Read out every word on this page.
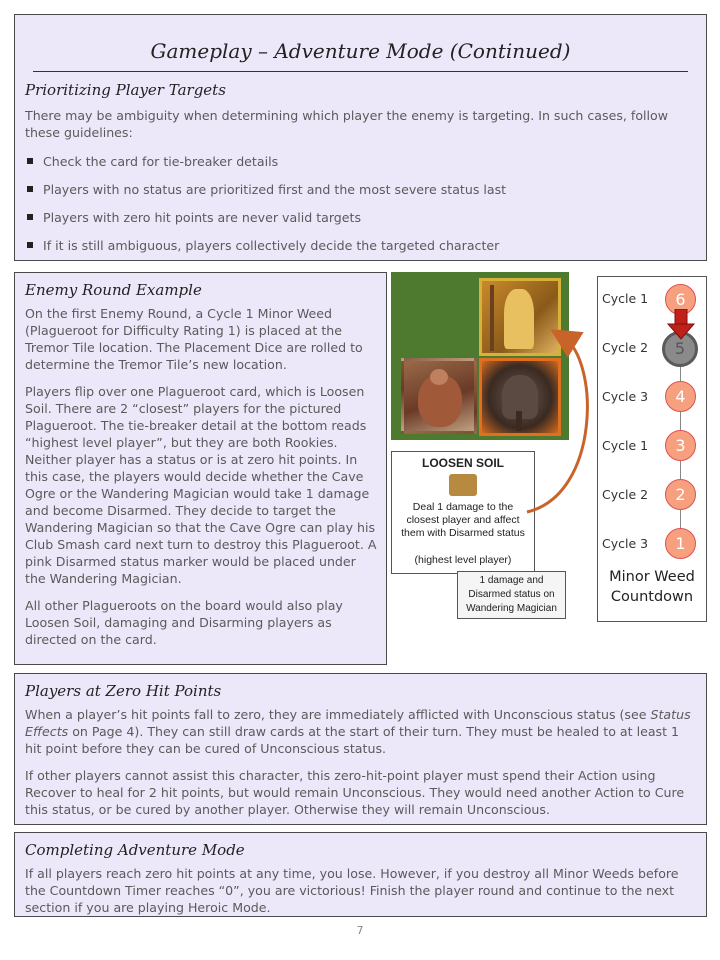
Gameplay – Adventure Mode (Continued)
Prioritizing Player Targets
There may be ambiguity when determining which player the enemy is targeting. In such cases, follow these guidelines:
Check the card for tie-breaker details
Players with no status are prioritized first and the most severe status last
Players with zero hit points are never valid targets
If it is still ambiguous, players collectively decide the targeted character
Enemy Round Example

On the first Enemy Round, a Cycle 1 Minor Weed (Plagueroot for Difficulty Rating 1) is placed at the Tremor Tile location. The Placement Dice are rolled to determine the Tremor Tile’s new location.

Players flip over one Plagueroot card, which is Loosen Soil. There are 2 “closest” players for the pictured Plagueroot. The tie-breaker detail at the bottom reads “highest level player”, but they are both Rookies. Neither player has a status or is at zero hit points. In this case, the players would decide whether the Cave Ogre or the Wandering Magician would take 1 damage and become Disarmed. They decide to target the Wandering Magician so that the Cave Ogre can play his Club Smash card next turn to destroy this Plagueroot. A pink Disarmed status marker would be placed under the Wandering Magician.

All other Plagueroots on the board would also play Loosen Soil, damaging and Disarming players as directed on the card.

LOOSEN SOIL
Deal 1 damage to the closest player and affect them with Disarmed status
(highest level player)
1 damage and Disarmed status on Wandering Magician
Cycle 1	6
Cycle 2	5
Cycle 3	4
Cycle 1	3
Cycle 2	2
Cycle 3	1
Minor Weed
Countdown
Players at Zero Hit Points

When a player’s hit points fall to zero, they are immediately afflicted with Unconscious status (see Status Effects on Page 4). They can still draw cards at the start of their turn. They must be healed to at least 1 hit point before they can be cured of Unconscious status.

If other players cannot assist this character, this zero-hit-point player must spend their Action using Recover to heal for 2 hit points, but would remain Unconscious. They would need another Action to Cure this status, or be cured by another player. Otherwise they will remain Unconscious.

Completing Adventure Mode
If all players reach zero hit points at any time, you lose. However, if you destroy all Minor Weeds before the Countdown Timer reaches “0”, you are victorious! Finish the player round and continue to the next section if you are playing Heroic Mode.
7
